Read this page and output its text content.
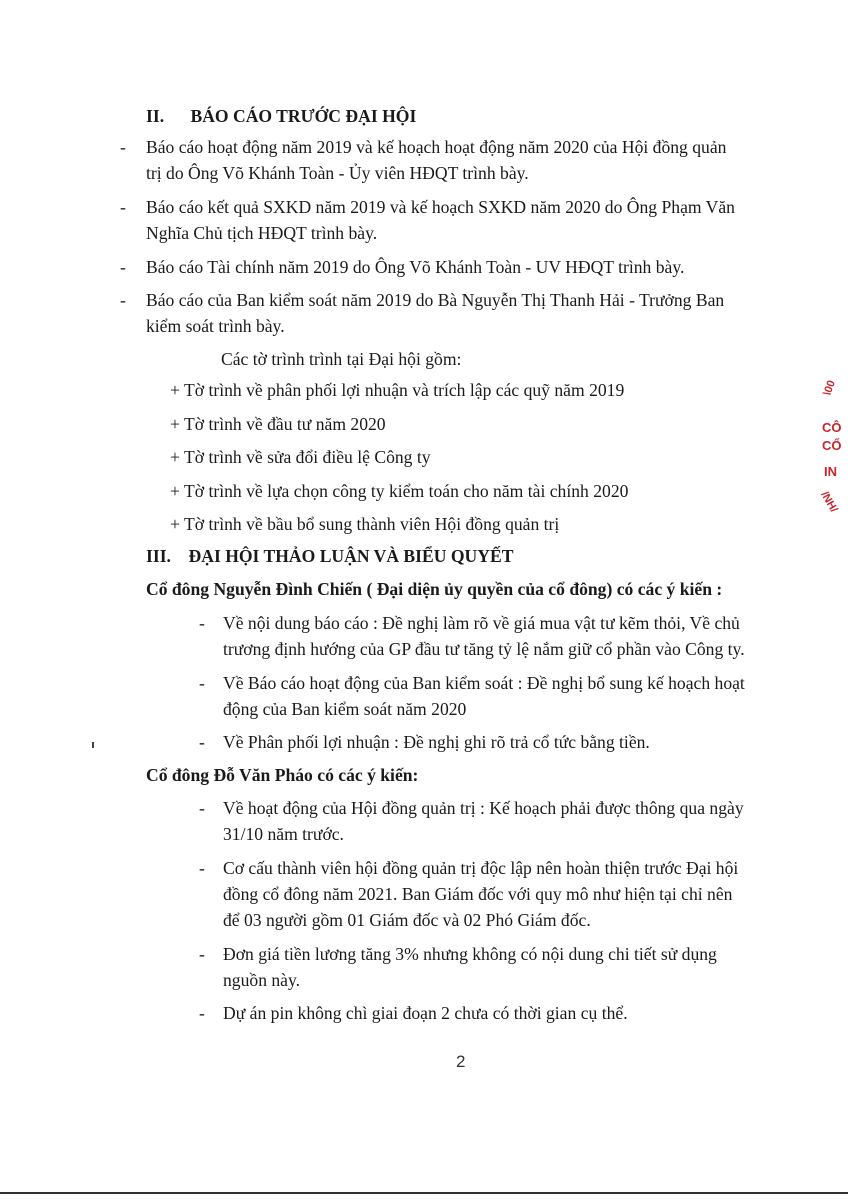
II.  BÁO CÁO TRƯỚC ĐẠI HỘI
- Báo cáo hoạt động năm 2019 và kế hoạch hoạt động năm 2020 của Hội đồng quản
trị do Ông Võ Khánh Toàn - Ủy viên HĐQT trình bày.
- Báo cáo kết quả SXKD năm 2019 và kế hoạch SXKD năm 2020 do Ông Phạm Văn
Nghĩa Chủ tịch HĐQT trình bày.
- Báo cáo Tài chính năm 2019 do Ông Võ Khánh Toàn - UV HĐQT trình bày.
- Báo cáo của Ban kiểm soát năm 2019 do Bà Nguyễn Thị Thanh Hải - Trưởng Ban
kiểm soát trình bày.
Các tờ trình trình tại Đại hội gồm:
+ Tờ trình về phân phối lợi nhuận và trích lập các quỹ năm 2019
+ Tờ trình về đầu tư năm 2020
+ Tờ trình về sửa đổi điều lệ Công ty
+ Tờ trình về lựa chọn công ty kiểm toán cho năm tài chính 2020
+ Tờ trình về bầu bổ sung thành viên Hội đồng quản trị
III.  ĐẠI HỘI THẢO LUẬN VÀ BIỂU QUYẾT
Cổ đông Nguyễn Đình Chiến ( Đại diện ủy quyền của cổ đông) có các ý kiến :
- Về nội dung báo cáo : Đề nghị làm rõ về giá mua vật tư kẽm thỏi, Về chủ
trương định hướng của GP đầu tư tăng tỷ lệ nắm giữ cổ phần vào Công ty.
- Về Báo cáo hoạt động của Ban kiểm soát : Đề nghị bổ sung kế hoạch hoạt
động của Ban kiểm soát năm 2020
- Về Phân phối lợi nhuận : Đề nghị ghi rõ trả cổ tức bằng tiền.
Cổ đông Đỗ Văn Pháo có các ý kiến:
- Về hoạt động của Hội đồng quản trị : Kế hoạch phải được thông qua ngày
31/10 năm trước.
- Cơ cấu thành viên hội đồng quản trị độc lập nên hoàn thiện trước Đại hội
đồng cổ đông năm 2021. Ban Giám đốc với quy mô như hiện tại chỉ nên
để 03 người gồm 01 Giám đốc và 02 Phó Giám đốc.
- Đơn giá tiền lương tăng 3% nhưng không có nội dung chi tiết sử dụng
nguồn này.
- Dự án pin không chì giai đoạn 2 chưa có thời gian cụ thể.
2
\00
CÔ
CỔ
IN
/NH/
